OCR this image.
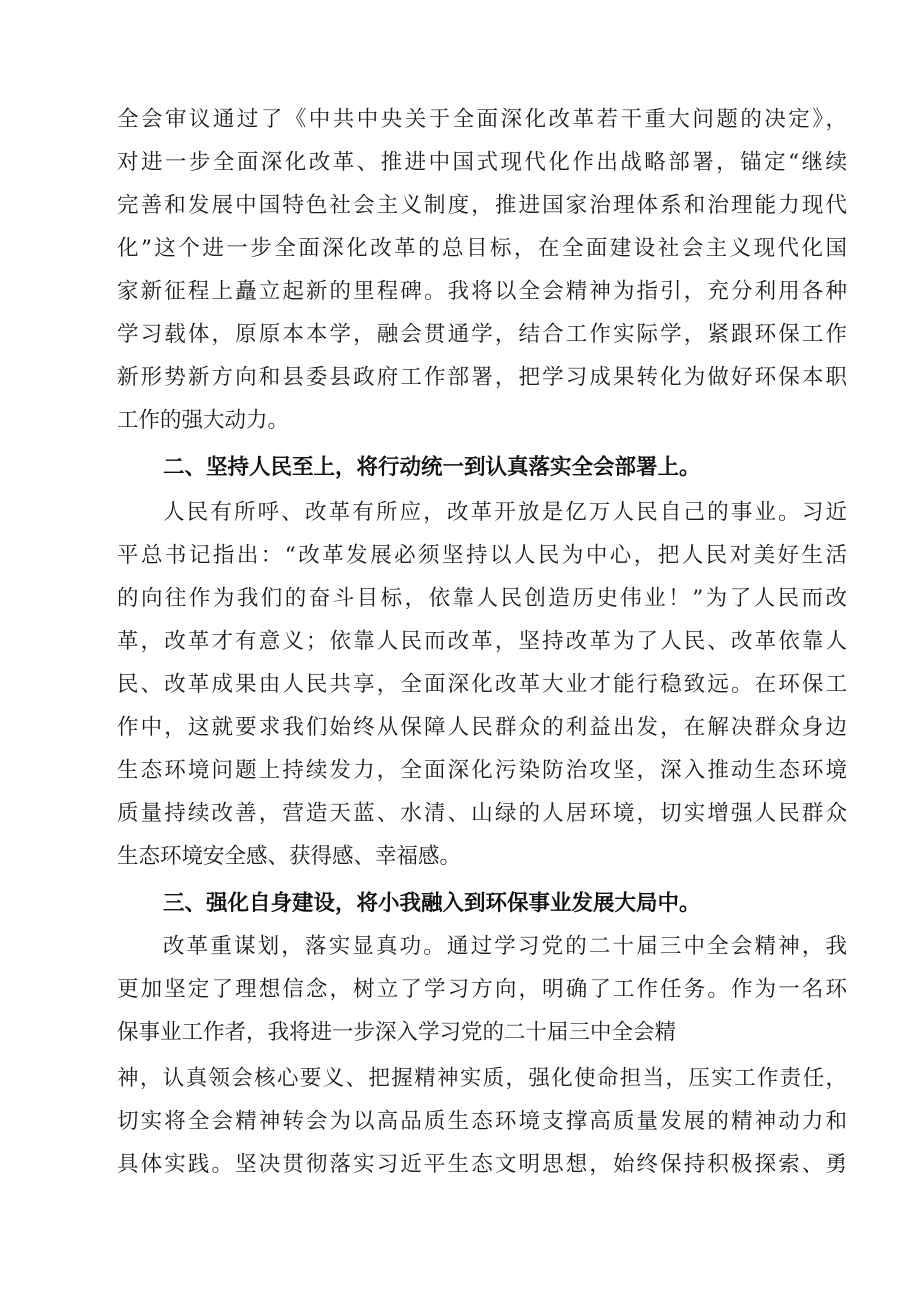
全会审议通过了《中共中央关于全面深化改革若干重大问题的决定》，
对进一步全面深化改革、推进中国式现代化作出战略部署，锚定“继续
完善和发展中国特色社会主义制度，推进国家治理体系和治理能力现代
化”这个进一步全面深化改革的总目标，在全面建设社会主义现代化国
家新征程上矗立起新的里程碑。我将以全会精神为指引，充分利用各种
学习载体，原原本本学，融会贯通学，结合工作实际学，紧跟环保工作
新形势新方向和县委县政府工作部署，把学习成果转化为做好环保本职
工作的强大动力。
二、坚持人民至上，将行动统一到认真落实全会部署上。
人民有所呼、改革有所应，改革开放是亿万人民自己的事业。习近
平总书记指出：“改革发展必须坚持以人民为中心，把人民对美好生活
的向往作为我们的奋斗目标，依靠人民创造历史伟业！”为了人民而改
革，改革才有意义；依靠人民而改革，坚持改革为了人民、改革依靠人
民、改革成果由人民共享，全面深化改革大业才能行稳致远。在环保工
作中，这就要求我们始终从保障人民群众的利益出发，在解决群众身边
生态环境问题上持续发力，全面深化污染防治攻坚，深入推动生态环境
质量持续改善，营造天蓝、水清、山绿的人居环境，切实增强人民群众
生态环境安全感、获得感、幸福感。
三、强化自身建设，将小我融入到环保事业发展大局中。
改革重谋划，落实显真功。通过学习党的二十届三中全会精神，我
更加坚定了理想信念，树立了学习方向，明确了工作任务。作为一名环
保事业工作者，我将进一步深入学习党的二十届三中全会精
神，认真领会核心要义、把握精神实质，强化使命担当，压实工作责任，
切实将全会精神转会为以高品质生态环境支撑高质量发展的精神动力和
具体实践。坚决贯彻落实习近平生态文明思想，始终保持积极探索、勇
